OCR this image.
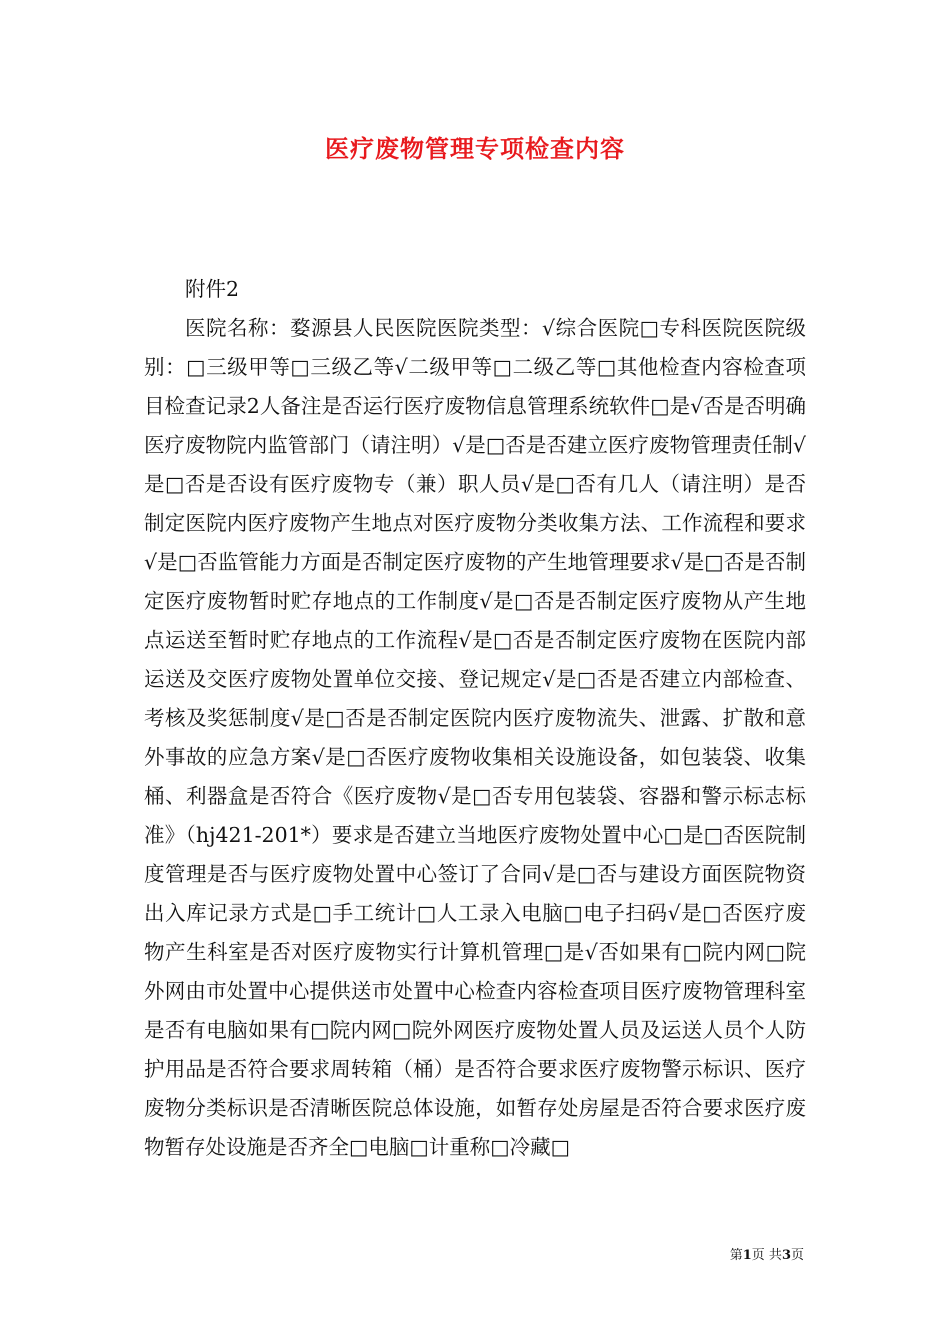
医疗废物管理专项检查内容

附件2

医院名称：婺源县人民医院医院类型：√综合医院□专科医院医院级别：□三级甲等□三级乙等√二级甲等□二级乙等□其他检查内容检查项目检查记录2人备注是否运行医疗废物信息管理系统软件□是√否是否明确医疗废物院内监管部门（请注明）√是□否是否建立医疗废物管理责任制√是□否是否设有医疗废物专（兼）职人员√是□否有几人（请注明）是否制定医院内医疗废物产生地点对医疗废物分类收集方法、工作流程和要求√是□否监管能力方面是否制定医疗废物的产生地管理要求√是□否是否制定医疗废物暂时贮存地点的工作制度√是□否是否制定医疗废物从产生地点运送至暂时贮存地点的工作流程√是□否是否制定医疗废物在医院内部运送及交医疗废物处置单位交接、登记规定√是□否是否建立内部检查、考核及奖惩制度√是□否是否制定医院内医疗废物流失、泄露、扩散和意外事故的应急方案√是□否医疗废物收集相关设施设备，如包装袋、收集桶、利器盒是否符合《医疗废物√是□否专用包装袋、容器和警示标志标准》（hj421-201*）要求是否建立当地医疗废物处置中心□是□否医院制度管理是否与医疗废物处置中心签订了合同√是□否与建设方面医院物资出入库记录方式是□手工统计□人工录入电脑□电子扫码√是□否医疗废物产生科室是否对医疗废物实行计算机管理□是√否如果有□院内网□院外网由市处置中心提供送市处置中心检查内容检查项目医疗废物管理科室是否有电脑如果有□院内网□院外网医疗废物处置人员及运送人员个人防护用品是否符合要求周转箱（桶）是否符合要求医疗废物警示标识、医疗废物分类标识是否清晰医院总体设施，如暂存处房屋是否符合要求医疗废物暂存处设施是否齐全□电脑□计重称□冷藏□

第1页 共3页
